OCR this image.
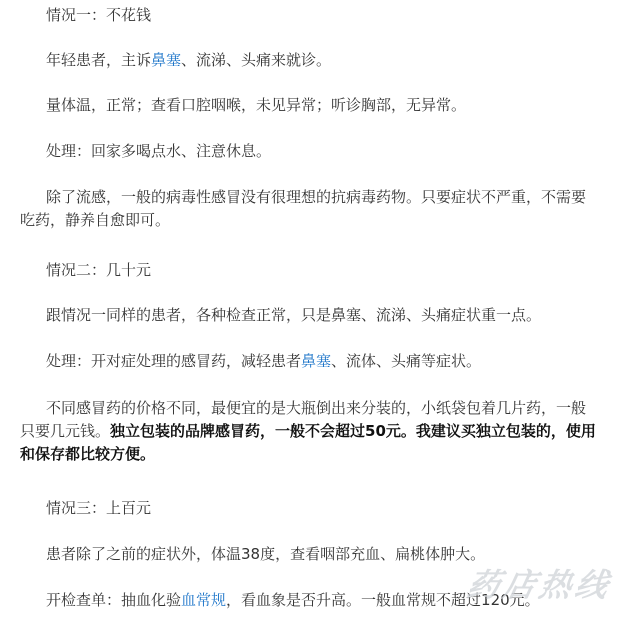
情况一：不花钱

年轻患者，主诉鼻塞、流涕、头痛来就诊。

量体温，正常；查看口腔咽喉，未见异常；听诊胸部，无异常。

处理：回家多喝点水、注意休息。

除了流感，一般的病毒性感冒没有很理想的抗病毒药物。只要症状不严重，不需要
吃药，静养自愈即可。

情况二：几十元

跟情况一同样的患者，各种检查正常，只是鼻塞、流涕、头痛症状重一点。

处理：开对症处理的感冒药，减轻患者鼻塞、流体、头痛等症状。

不同感冒药的价格不同，最便宜的是大瓶倒出来分装的，小纸袋包着几片药，一般
只要几元钱。独立包装的品牌感冒药，一般不会超过50元。我建议买独立包装的，使用
和保存都比较方便。

情况三：上百元

患者除了之前的症状外，体温38度，查看咽部充血、扁桃体肿大。

开检查单：抽血化验血常规，看血象是否升高。一般血常规不超过120元。

药店热线
